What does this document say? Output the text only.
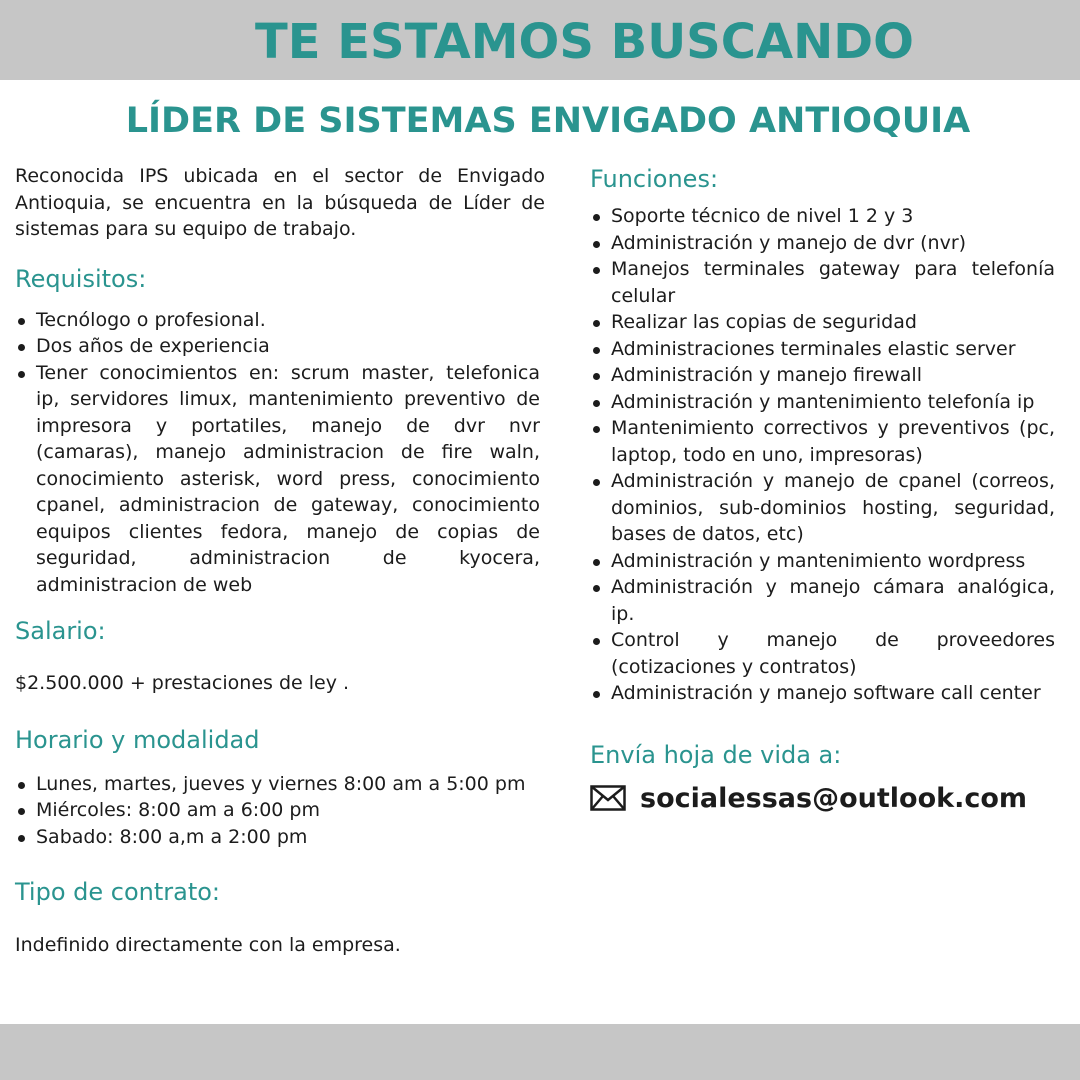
TE ESTAMOS BUSCANDO
LÍDER DE SISTEMAS ENVIGADO ANTIOQUIA

Reconocida IPS ubicada en el sector de Envigado Antioquia, se encuentra en la búsqueda de Líder de sistemas para su equipo de trabajo.

Requisitos:
Tecnólogo o profesional.
Dos años de experiencia
Tener conocimientos en: scrum master, telefonica ip, servidores limux, mantenimiento preventivo de impresora y portatiles, manejo de dvr nvr (camaras), manejo administracion de fire waln, conocimiento asterisk, word press, conocimiento cpanel, administracion de gateway, conocimiento equipos clientes fedora, manejo de copias de seguridad, administracion de kyocera, administracion de web
Salario:

$2.500.000 + prestaciones de ley .

Horario y modalidad
Lunes, martes, jueves y viernes 8:00 am a 5:00 pm
Miércoles: 8:00 am a 6:00 pm
Sabado: 8:00 a,m a 2:00 pm
Tipo de contrato:

Indefinido directamente con la empresa.

Funciones:
Soporte técnico de nivel 1 2 y 3
Administración y manejo de dvr (nvr)
Manejos terminales gateway para telefonía celular
Realizar las copias de seguridad
Administraciones terminales elastic server
Administración y manejo firewall
Administración y mantenimiento telefonía ip
Mantenimiento correctivos y preventivos (pc, laptop, todo en uno, impresoras)
Administración y manejo de cpanel (correos, dominios, sub-dominios hosting, seguridad, bases de datos, etc)
Administración y mantenimiento wordpress
Administración y manejo cámara analógica, ip.
Control y manejo de proveedores (cotizaciones y contratos)
Administración y manejo software call center
Envía hoja de vida a:
socialessas@outlook.com
